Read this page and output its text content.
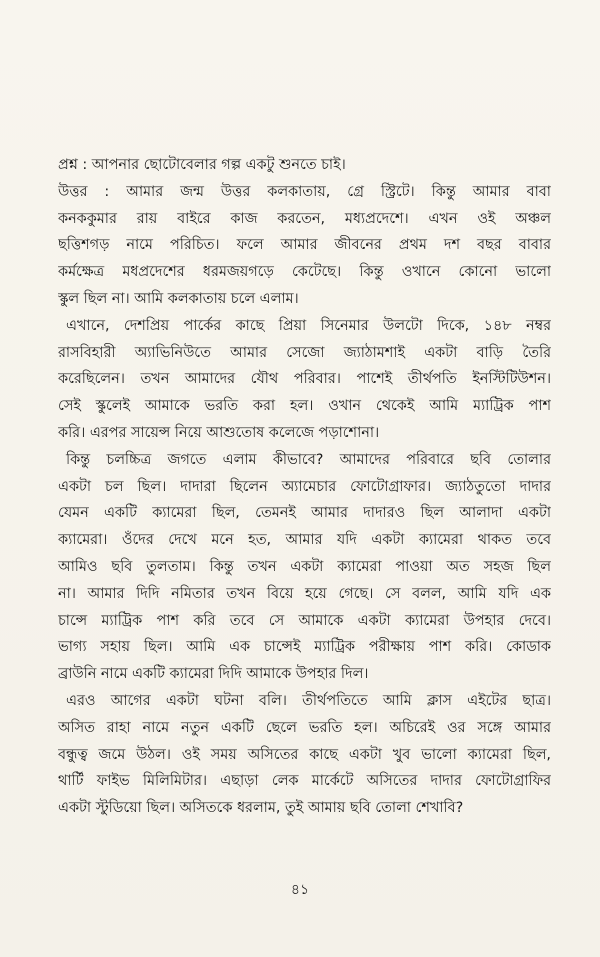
প্রশ্ন : আপনার ছোটোবেলার গল্প একটু শুনতে চাই।
উত্তর : আমার জন্ম উত্তর কলকাতায়, গ্রে স্ট্রিটে। কিন্তু আমার বাবা
কনককুমার রায় বাইরে কাজ করতেন, মধ্যপ্রদেশে। এখন ওই অঞ্চল
ছত্তিশগড় নামে পরিচিত। ফলে আমার জীবনের প্রথম দশ বছর বাবার
কর্মক্ষেত্র মধপ্রদেশের ধরমজয়গড়ে কেটেছে। কিন্তু ওখানে কোনো ভালো
স্কুল ছিল না। আমি কলকাতায় চলে এলাম।
এখানে, দেশপ্রিয় পার্কের কাছে প্রিয়া সিনেমার উলটো দিকে, ১৪৮ নম্বর
রাসবিহারী অ্যাভিনিউতে আমার সেজো জ্যাঠামশাই একটা বাড়ি তৈরি
করেছিলেন। তখন আমাদের যৌথ পরিবার। পাশেই তীর্থপতি ইনস্টিটিউশন।
সেই স্কুলেই আমাকে ভরতি করা হল। ওখান থেকেই আমি ম্যাট্রিক পাশ
করি। এরপর সায়েন্স নিয়ে আশুতোষ কলেজে পড়াশোনা।
কিন্তু চলচ্চিত্র জগতে এলাম কীভাবে? আমাদের পরিবারে ছবি তোলার
একটা চল ছিল। দাদারা ছিলেন অ্যামেচার ফোটোগ্রাফার। জ্যাঠতুতো দাদার
যেমন একটি ক্যামেরা ছিল, তেমনই আমার দাদারও ছিল আলাদা একটা
ক্যামেরা। ওঁদের দেখে মনে হত, আমার যদি একটা ক্যামেরা থাকত তবে
আমিও ছবি তুলতাম। কিন্তু তখন একটা ক্যামেরা পাওয়া অত সহজ ছিল
না। আমার দিদি নমিতার তখন বিয়ে হয়ে গেছে। সে বলল, আমি যদি এক
চান্সে ম্যাট্রিক পাশ করি তবে সে আমাকে একটা ক্যামেরা উপহার দেবে।
ভাগ্য সহায় ছিল। আমি এক চান্সেই ম্যাট্রিক পরীক্ষায় পাশ করি। কোডাক
ব্রাউনি নামে একটি ক্যামেরা দিদি আমাকে উপহার দিল।
এরও আগের একটা ঘটনা বলি। তীর্থপতিতে আমি ক্লাস এইটের ছাত্র।
অসিত রাহা নামে নতুন একটি ছেলে ভরতি হল। অচিরেই ওর সঙ্গে আমার
বন্ধুত্ব জমে উঠল। ওই সময় অসিতের কাছে একটা খুব ভালো ক্যামেরা ছিল,
থার্টি ফাইভ মিলিমিটার। এছাড়া লেক মার্কেটে অসিতের দাদার ফোটোগ্রাফির
একটা স্টুডিয়ো ছিল। অসিতকে ধরলাম, তুই আমায় ছবি তোলা শেখাবি?
৪১
